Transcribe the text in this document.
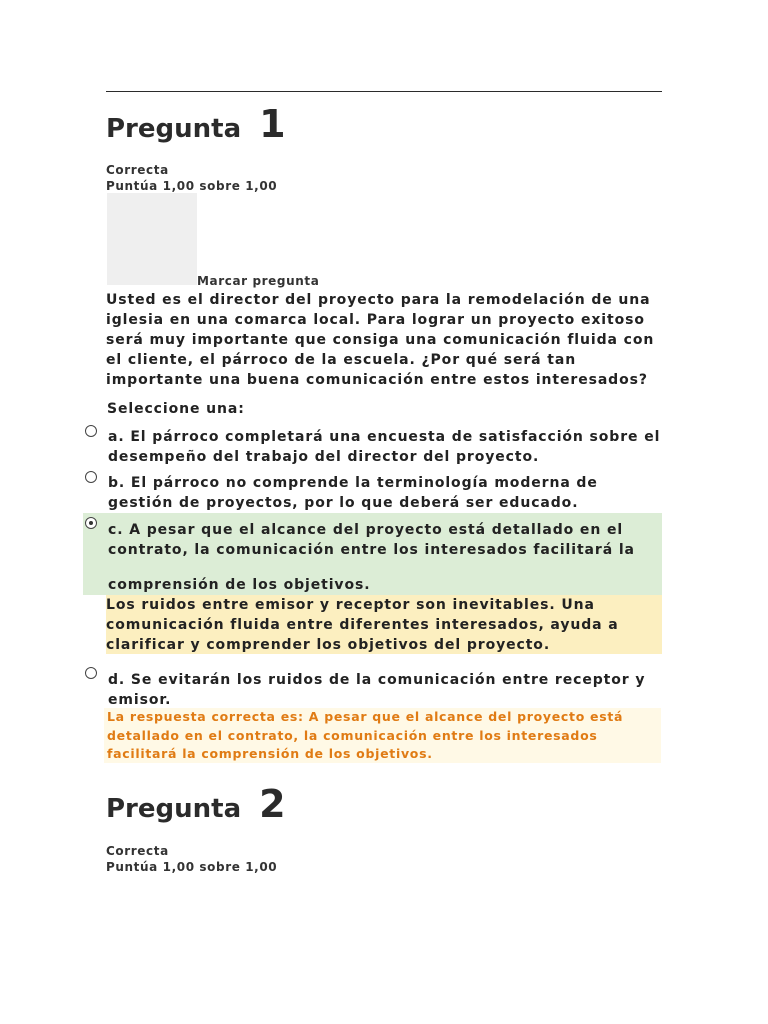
Pregunta 1
Correcta
Puntúa 1,00 sobre 1,00
Marcar pregunta
Usted es el director del proyecto para la remodelación de una iglesia en una comarca local. Para lograr un proyecto exitoso será muy importante que consiga una comunicación fluida con el cliente, el párroco de la escuela. ¿Por qué será tan importante una buena comunicación entre estos interesados?
Seleccione una:
a. El párroco completará una encuesta de satisfacción sobre el desempeño del trabajo del director del proyecto.
b. El párroco no comprende la terminología moderna de gestión de proyectos, por lo que deberá ser educado.
c. A pesar que el alcance del proyecto está detallado en el contrato, la comunicación entre los interesados facilitará la
comprensión de los objetivos.
Los ruidos entre emisor y receptor son inevitables. Una comunicación fluida entre diferentes interesados, ayuda a clarificar y comprender los objetivos del proyecto.
d. Se evitarán los ruidos de la comunicación entre receptor y emisor.
La respuesta correcta es: A pesar que el alcance del proyecto está detallado en el contrato, la comunicación entre los interesados facilitará la comprensión de los objetivos.
Pregunta 2
Correcta
Puntúa 1,00 sobre 1,00
